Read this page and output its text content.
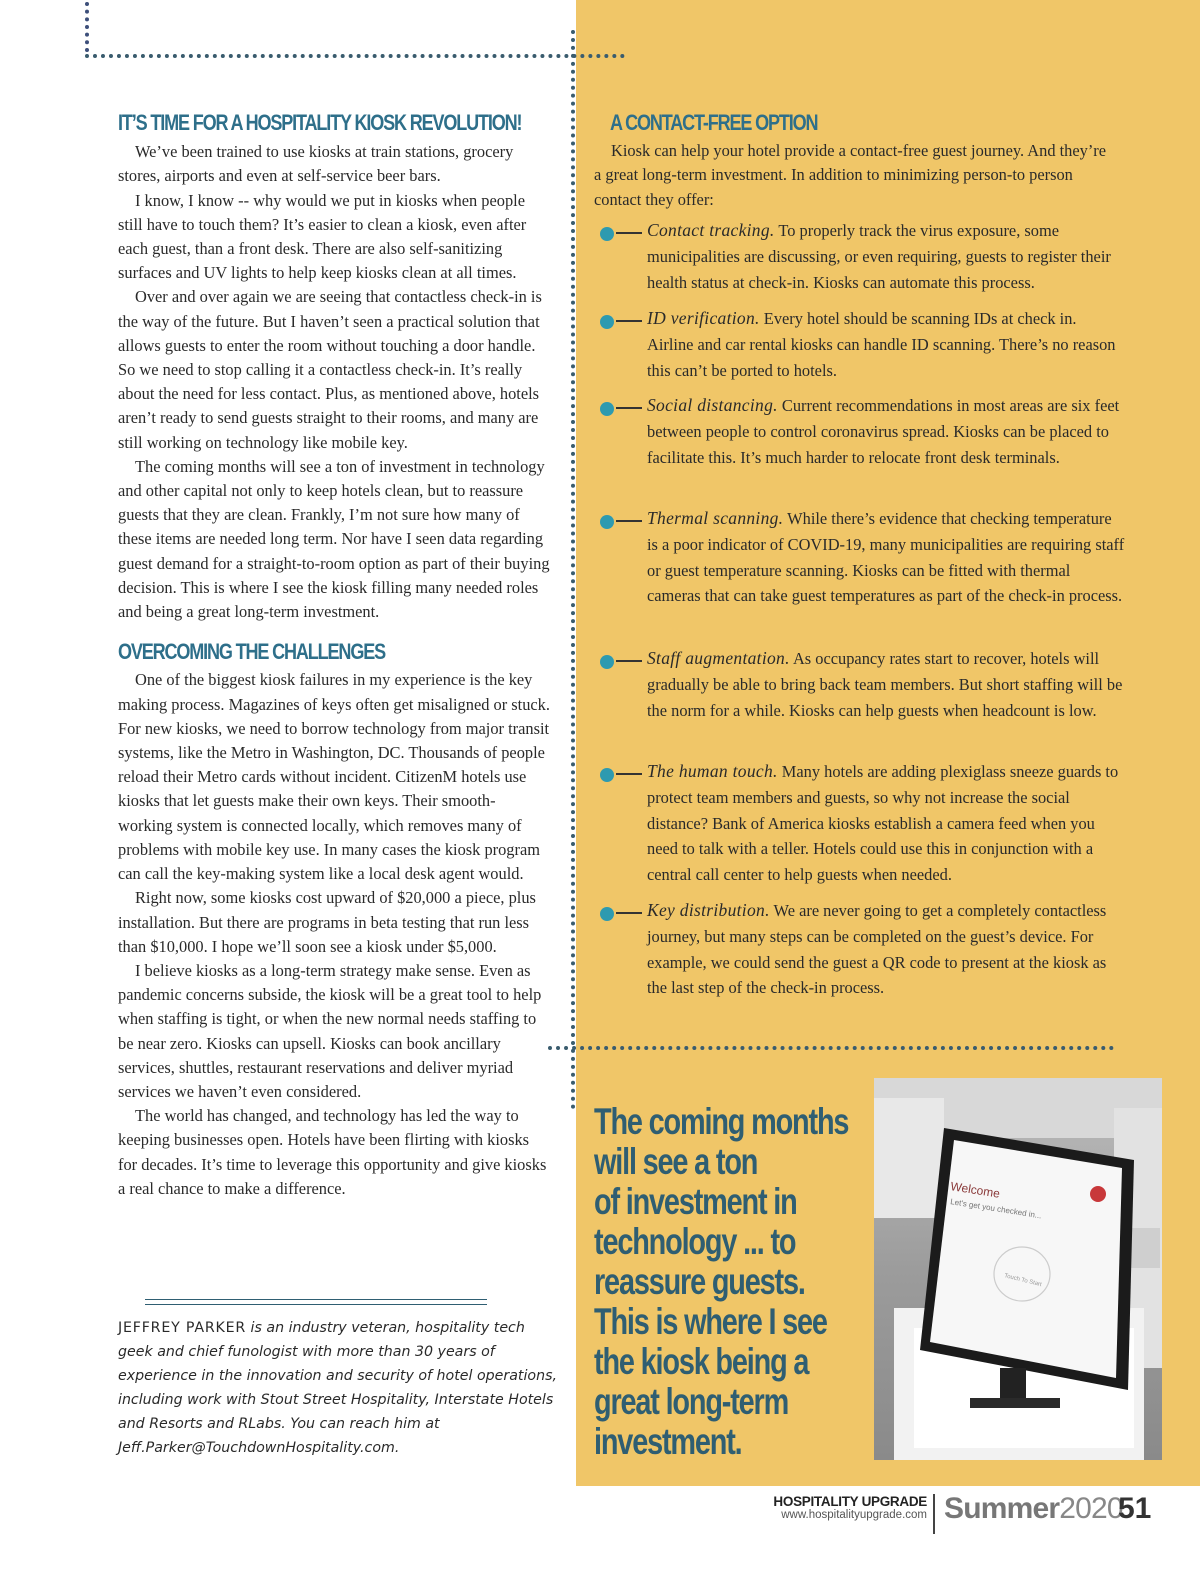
IT’S TIME FOR A HOSPITALITY KIOSK REVOLUTION!

We’ve been trained to use kiosks at train stations, grocery stores, airports and even at self-service beer bars.

I know, I know -- why would we put in kiosks when people still have to touch them? It’s easier to clean a kiosk, even after each guest, than a front desk. There are also self-sanitizing surfaces and UV lights to help keep kiosks clean at all times.

Over and over again we are seeing that contactless check-in is the way of the future. But I haven’t seen a practical solution that allows guests to enter the room without touching a door handle. So we need to stop calling it a contactless check-in. It’s really about the need for less contact. Plus, as mentioned above, hotels aren’t ready to send guests straight to their rooms, and many are still working on technology like mobile key.

The coming months will see a ton of investment in technology and other capital not only to keep hotels clean, but to reassure guests that they are clean. Frankly, I’m not sure how many of these items are needed long term. Nor have I seen data regarding guest demand for a straight-to-room option as part of their buying decision. This is where I see the kiosk filling many needed roles and being a great long-term investment.

OVERCOMING THE CHALLENGES

One of the biggest kiosk failures in my experience is the key making process. Magazines of keys often get misaligned or stuck. For new kiosks, we need to borrow technology from major transit systems, like the Metro in Washington, DC. Thousands of people reload their Metro cards without incident. CitizenM hotels use kiosks that let guests make their own keys. Their smooth-working system is connected locally, which removes many of problems with mobile key use. In many cases the kiosk program can call the key-making system like a local desk agent would.

Right now, some kiosks cost upward of $20,000 a piece, plus installation. But there are programs in beta testing that run less than $10,000. I hope we’ll soon see a kiosk under $5,000.

I believe kiosks as a long-term strategy make sense. Even as pandemic concerns subside, the kiosk will be a great tool to help when staffing is tight, or when the new normal needs staffing to be near zero. Kiosks can upsell. Kiosks can book ancillary services, shuttles, restaurant reservations and deliver myriad services we haven’t even considered.

The world has changed, and technology has led the way to keeping businesses open. Hotels have been flirting with kiosks for decades. It’s time to leverage this opportunity and give kiosks a real chance to make a difference.

JEFFREY PARKER is an industry veteran, hospitality tech geek and chief funologist with more than 30 years of experience in the innovation and security of hotel operations, including work with Stout Street Hospitality, Interstate Hotels and Resorts and RLabs. You can reach him at Jeff.Parker@TouchdownHospitality.com.
A CONTACT-FREE OPTION

Kiosk can help your hotel provide a contact-free guest journey. And they’re a great long-term investment. In addition to minimizing person-to person contact they offer:

Contact tracking. To properly track the virus exposure, some municipalities are discussing, or even requiring, guests to register their health status at check-in. Kiosks can automate this process.
ID verification. Every hotel should be scanning IDs at check in. Airline and car rental kiosks can handle ID scanning. There’s no reason this can’t be ported to hotels.
Social distancing. Current recommendations in most areas are six feet between people to control coronavirus spread. Kiosks can be placed to facilitate this. It’s much harder to relocate front desk terminals.
Thermal scanning. While there’s evidence that checking temperature is a poor indicator of COVID-19, many municipalities are requiring staff or guest temperature scanning. Kiosks can be fitted with thermal cameras that can take guest temperatures as part of the check-in process.
Staff augmentation. As occupancy rates start to recover, hotels will gradually be able to bring back team members. But short staffing will be the norm for a while. Kiosks can help guests when headcount is low.
The human touch. Many hotels are adding plexiglass sneeze guards to protect team members and guests, so why not increase the social distance? Bank of America kiosks establish a camera feed when you need to talk with a teller. Hotels could use this in conjunction with a central call center to help guests when needed.
Key distribution. We are never going to get a completely contactless journey, but many steps can be completed on the guest’s device. For example, we could send the guest a QR code to present at the kiosk as the last step of the check-in process.
The coming months
will see a ton
of investment in
technology ... to
reassure guests.
This is where I see
the kiosk being a
great long-term
investment.
Welcome
Let's get you checked in...
Touch To Start
HOSPITALITY UPGRADE
www.hospitalityupgrade.com Summer2020
51
